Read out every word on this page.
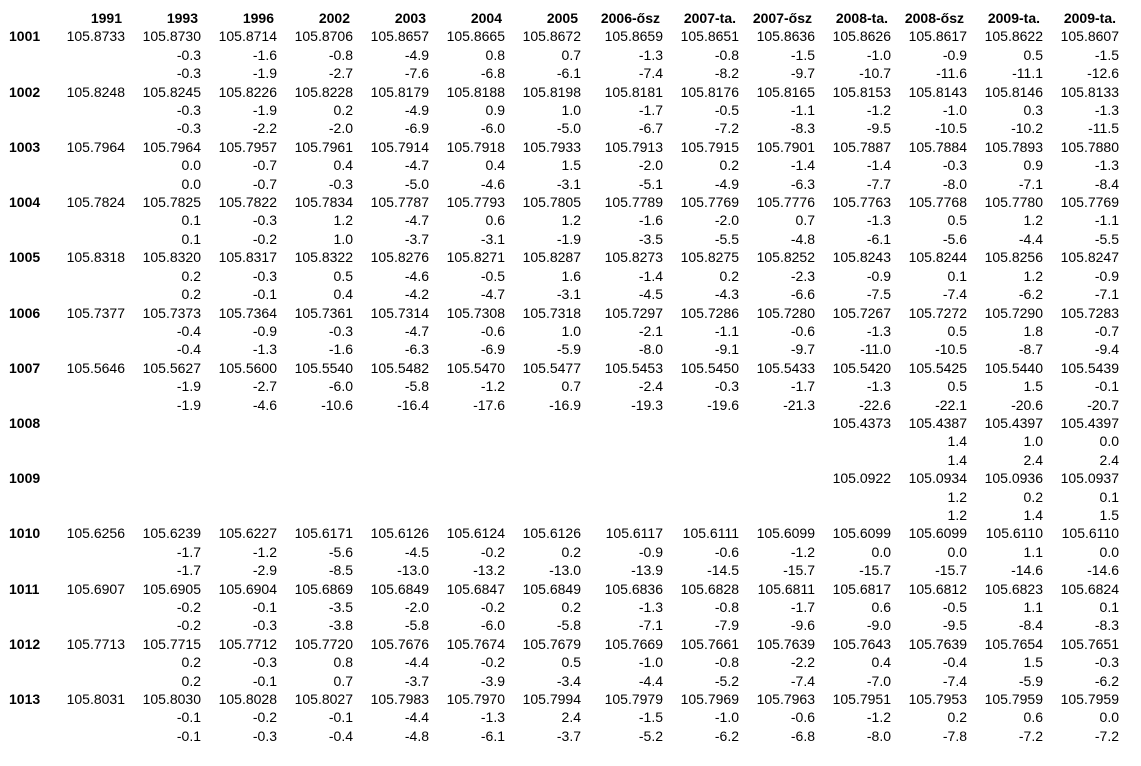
	1991	1993	1996	2002	2003	2004	2005	2006-ősz	2007-ta.	2007-ősz	2008-ta.	2008-ősz	2009-ta.	2009-ta.
1001	105.8733	105.8730	105.8714	105.8706	105.8657	105.8665	105.8672	105.8659	105.8651	105.8636	105.8626	105.8617	105.8622	105.8607
		-0.3	-1.6	-0.8	-4.9	0.8	0.7	-1.3	-0.8	-1.5	-1.0	-0.9	0.5	-1.5
		-0.3	-1.9	-2.7	-7.6	-6.8	-6.1	-7.4	-8.2	-9.7	-10.7	-11.6	-11.1	-12.6
1002	105.8248	105.8245	105.8226	105.8228	105.8179	105.8188	105.8198	105.8181	105.8176	105.8165	105.8153	105.8143	105.8146	105.8133
		-0.3	-1.9	0.2	-4.9	0.9	1.0	-1.7	-0.5	-1.1	-1.2	-1.0	0.3	-1.3
		-0.3	-2.2	-2.0	-6.9	-6.0	-5.0	-6.7	-7.2	-8.3	-9.5	-10.5	-10.2	-11.5
1003	105.7964	105.7964	105.7957	105.7961	105.7914	105.7918	105.7933	105.7913	105.7915	105.7901	105.7887	105.7884	105.7893	105.7880
		0.0	-0.7	0.4	-4.7	0.4	1.5	-2.0	0.2	-1.4	-1.4	-0.3	0.9	-1.3
		0.0	-0.7	-0.3	-5.0	-4.6	-3.1	-5.1	-4.9	-6.3	-7.7	-8.0	-7.1	-8.4
1004	105.7824	105.7825	105.7822	105.7834	105.7787	105.7793	105.7805	105.7789	105.7769	105.7776	105.7763	105.7768	105.7780	105.7769
		0.1	-0.3	1.2	-4.7	0.6	1.2	-1.6	-2.0	0.7	-1.3	0.5	1.2	-1.1
		0.1	-0.2	1.0	-3.7	-3.1	-1.9	-3.5	-5.5	-4.8	-6.1	-5.6	-4.4	-5.5
1005	105.8318	105.8320	105.8317	105.8322	105.8276	105.8271	105.8287	105.8273	105.8275	105.8252	105.8243	105.8244	105.8256	105.8247
		0.2	-0.3	0.5	-4.6	-0.5	1.6	-1.4	0.2	-2.3	-0.9	0.1	1.2	-0.9
		0.2	-0.1	0.4	-4.2	-4.7	-3.1	-4.5	-4.3	-6.6	-7.5	-7.4	-6.2	-7.1
1006	105.7377	105.7373	105.7364	105.7361	105.7314	105.7308	105.7318	105.7297	105.7286	105.7280	105.7267	105.7272	105.7290	105.7283
		-0.4	-0.9	-0.3	-4.7	-0.6	1.0	-2.1	-1.1	-0.6	-1.3	0.5	1.8	-0.7
		-0.4	-1.3	-1.6	-6.3	-6.9	-5.9	-8.0	-9.1	-9.7	-11.0	-10.5	-8.7	-9.4
1007	105.5646	105.5627	105.5600	105.5540	105.5482	105.5470	105.5477	105.5453	105.5450	105.5433	105.5420	105.5425	105.5440	105.5439
		-1.9	-2.7	-6.0	-5.8	-1.2	0.7	-2.4	-0.3	-1.7	-1.3	0.5	1.5	-0.1
		-1.9	-4.6	-10.6	-16.4	-17.6	-16.9	-19.3	-19.6	-21.3	-22.6	-22.1	-20.6	-20.7
1008											105.4373	105.4387	105.4397	105.4397
												1.4	1.0	0.0
												1.4	2.4	2.4
1009											105.0922	105.0934	105.0936	105.0937
												1.2	0.2	0.1
												1.2	1.4	1.5
1010	105.6256	105.6239	105.6227	105.6171	105.6126	105.6124	105.6126	105.6117	105.6111	105.6099	105.6099	105.6099	105.6110	105.6110
		-1.7	-1.2	-5.6	-4.5	-0.2	0.2	-0.9	-0.6	-1.2	0.0	0.0	1.1	0.0
		-1.7	-2.9	-8.5	-13.0	-13.2	-13.0	-13.9	-14.5	-15.7	-15.7	-15.7	-14.6	-14.6
1011	105.6907	105.6905	105.6904	105.6869	105.6849	105.6847	105.6849	105.6836	105.6828	105.6811	105.6817	105.6812	105.6823	105.6824
		-0.2	-0.1	-3.5	-2.0	-0.2	0.2	-1.3	-0.8	-1.7	0.6	-0.5	1.1	0.1
		-0.2	-0.3	-3.8	-5.8	-6.0	-5.8	-7.1	-7.9	-9.6	-9.0	-9.5	-8.4	-8.3
1012	105.7713	105.7715	105.7712	105.7720	105.7676	105.7674	105.7679	105.7669	105.7661	105.7639	105.7643	105.7639	105.7654	105.7651
		0.2	-0.3	0.8	-4.4	-0.2	0.5	-1.0	-0.8	-2.2	0.4	-0.4	1.5	-0.3
		0.2	-0.1	0.7	-3.7	-3.9	-3.4	-4.4	-5.2	-7.4	-7.0	-7.4	-5.9	-6.2
1013	105.8031	105.8030	105.8028	105.8027	105.7983	105.7970	105.7994	105.7979	105.7969	105.7963	105.7951	105.7953	105.7959	105.7959
		-0.1	-0.2	-0.1	-4.4	-1.3	2.4	-1.5	-1.0	-0.6	-1.2	0.2	0.6	0.0
		-0.1	-0.3	-0.4	-4.8	-6.1	-3.7	-5.2	-6.2	-6.8	-8.0	-7.8	-7.2	-7.2
